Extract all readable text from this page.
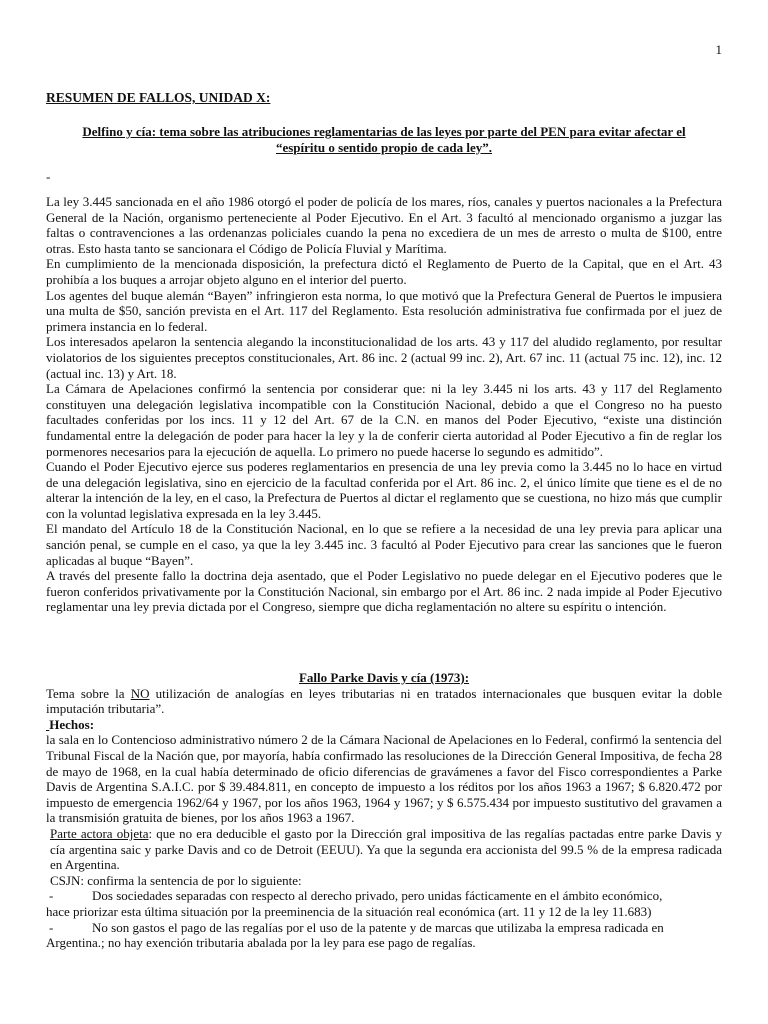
1
RESUMEN DE FALLOS, UNIDAD X:
Delfino y cía: tema sobre las atribuciones reglamentarias de las leyes por parte del PEN para evitar afectar el
“espíritu o sentido propio de cada ley”.
-

La ley 3.445 sancionada en el año 1986 otorgó el poder de policía de los mares, ríos, canales y puertos nacionales a la Prefectura General de la Nación, organismo perteneciente al Poder Ejecutivo. En el Art. 3 facultó al mencionado organismo a juzgar las faltas o contravenciones a las ordenanzas policiales cuando la pena no excediera de un mes de arresto o multa de $100, entre otras. Esto hasta tanto se sancionara el Código de Policía Fluvial y Marítima.

En cumplimiento de la mencionada disposición, la prefectura dictó el Reglamento de Puerto de la Capital, que en el Art. 43 prohibía a los buques a arrojar objeto alguno en el interior del puerto.

Los agentes del buque alemán “Bayen” infringieron esta norma, lo que motivó que la Prefectura General de Puertos le impusiera una multa de $50, sanción prevista en el Art. 117 del Reglamento. Esta resolución administrativa fue confirmada por el juez de primera instancia en lo federal.

Los interesados apelaron la sentencia alegando la inconstitucionalidad de los arts. 43 y 117 del aludido reglamento, por resultar violatorios de los siguientes preceptos constitucionales, Art. 86 inc. 2 (actual 99 inc. 2), Art. 67 inc. 11 (actual 75 inc. 12), inc. 12 (actual inc. 13) y Art. 18.

La Cámara de Apelaciones confirmó la sentencia por considerar que: ni la ley 3.445 ni los arts. 43 y 117 del Reglamento constituyen una delegación legislativa incompatible con la Constitución Nacional, debido a que el Congreso no ha puesto facultades conferidas por los incs. 11 y 12 del Art. 67 de la C.N. en manos del Poder Ejecutivo, “existe una distinción fundamental entre la delegación de poder para hacer la ley y la de conferir cierta autoridad al Poder Ejecutivo a fin de reglar los pormenores necesarios para la ejecución de aquella. Lo primero no puede hacerse lo segundo es admitido”.

Cuando el Poder Ejecutivo ejerce sus poderes reglamentarios en presencia de una ley previa como la 3.445 no lo hace en virtud de una delegación legislativa, sino en ejercicio de la facultad conferida por el Art. 86 inc. 2, el único límite que tiene es el de no alterar la intención de la ley, en el caso, la Prefectura de Puertos al dictar el reglamento que se cuestiona, no hizo más que cumplir con la voluntad legislativa expresada en la ley 3.445.

El mandato del Artículo 18 de la Constitución Nacional, en lo que se refiere a la necesidad de una ley previa para aplicar una sanción penal, se cumple en el caso, ya que la ley 3.445 inc. 3 facultó al Poder Ejecutivo para crear las sanciones que le fueron aplicadas al buque “Bayen”.

A través del presente fallo la doctrina deja asentado, que el Poder Legislativo no puede delegar en el Ejecutivo poderes que le fueron conferidos privativamente por la Constitución Nacional, sin embargo por el Art. 86 inc. 2 nada impide al Poder Ejecutivo reglamentar una ley previa dictada por el Congreso, siempre que dicha reglamentación no altere su espíritu o intención.

Fallo Parke Davis y cía (1973):

Tema sobre la NO utilización de analogías en leyes tributarias ni en tratados internacionales que busquen evitar la doble imputación tributaria”.

Hechos:

la sala en lo Contencioso administrativo número 2 de la Cámara Nacional de Apelaciones en lo Federal, confirmó la sentencia del Tribunal Fiscal de la Nación que, por mayoría, había confirmado las resoluciones de la Dirección General Impositiva, de fecha 28 de mayo de 1968, en la cual había determinado de oficio diferencias de gravámenes a favor del Fisco correspondientes a Parke Davis de Argentina S.A.I.C. por $ 39.484.811, en concepto de impuesto a los réditos por los años 1963 a 1967; $ 6.820.472 por impuesto de emergencia 1962/64 y 1967, por los años 1963, 1964 y 1967; y $ 6.575.434 por impuesto sustitutivo del gravamen a la transmisión gratuita de bienes, por los años 1963 a 1967.

Parte actora objeta: que no era deducible el gasto por la Dirección gral impositiva de las regalías pactadas entre parke Davis y cía argentina saic y parke Davis and co de Detroit (EEUU). Ya que la segunda era accionista del 99.5 % de la empresa radicada en Argentina.

CSJN: confirma la sentencia de por lo siguiente:

-	Dos sociedades separadas con respecto al derecho privado, pero unidas fácticamente en el ámbito económico,

hace priorizar esta última situación por la preeminencia de la situación real económica (art. 11 y 12 de la ley 11.683)

-	No son gastos el pago de las regalías por el uso de la patente y de marcas que utilizaba la empresa radicada en

Argentina.; no hay exención tributaria abalada por la ley para ese pago de regalías.
